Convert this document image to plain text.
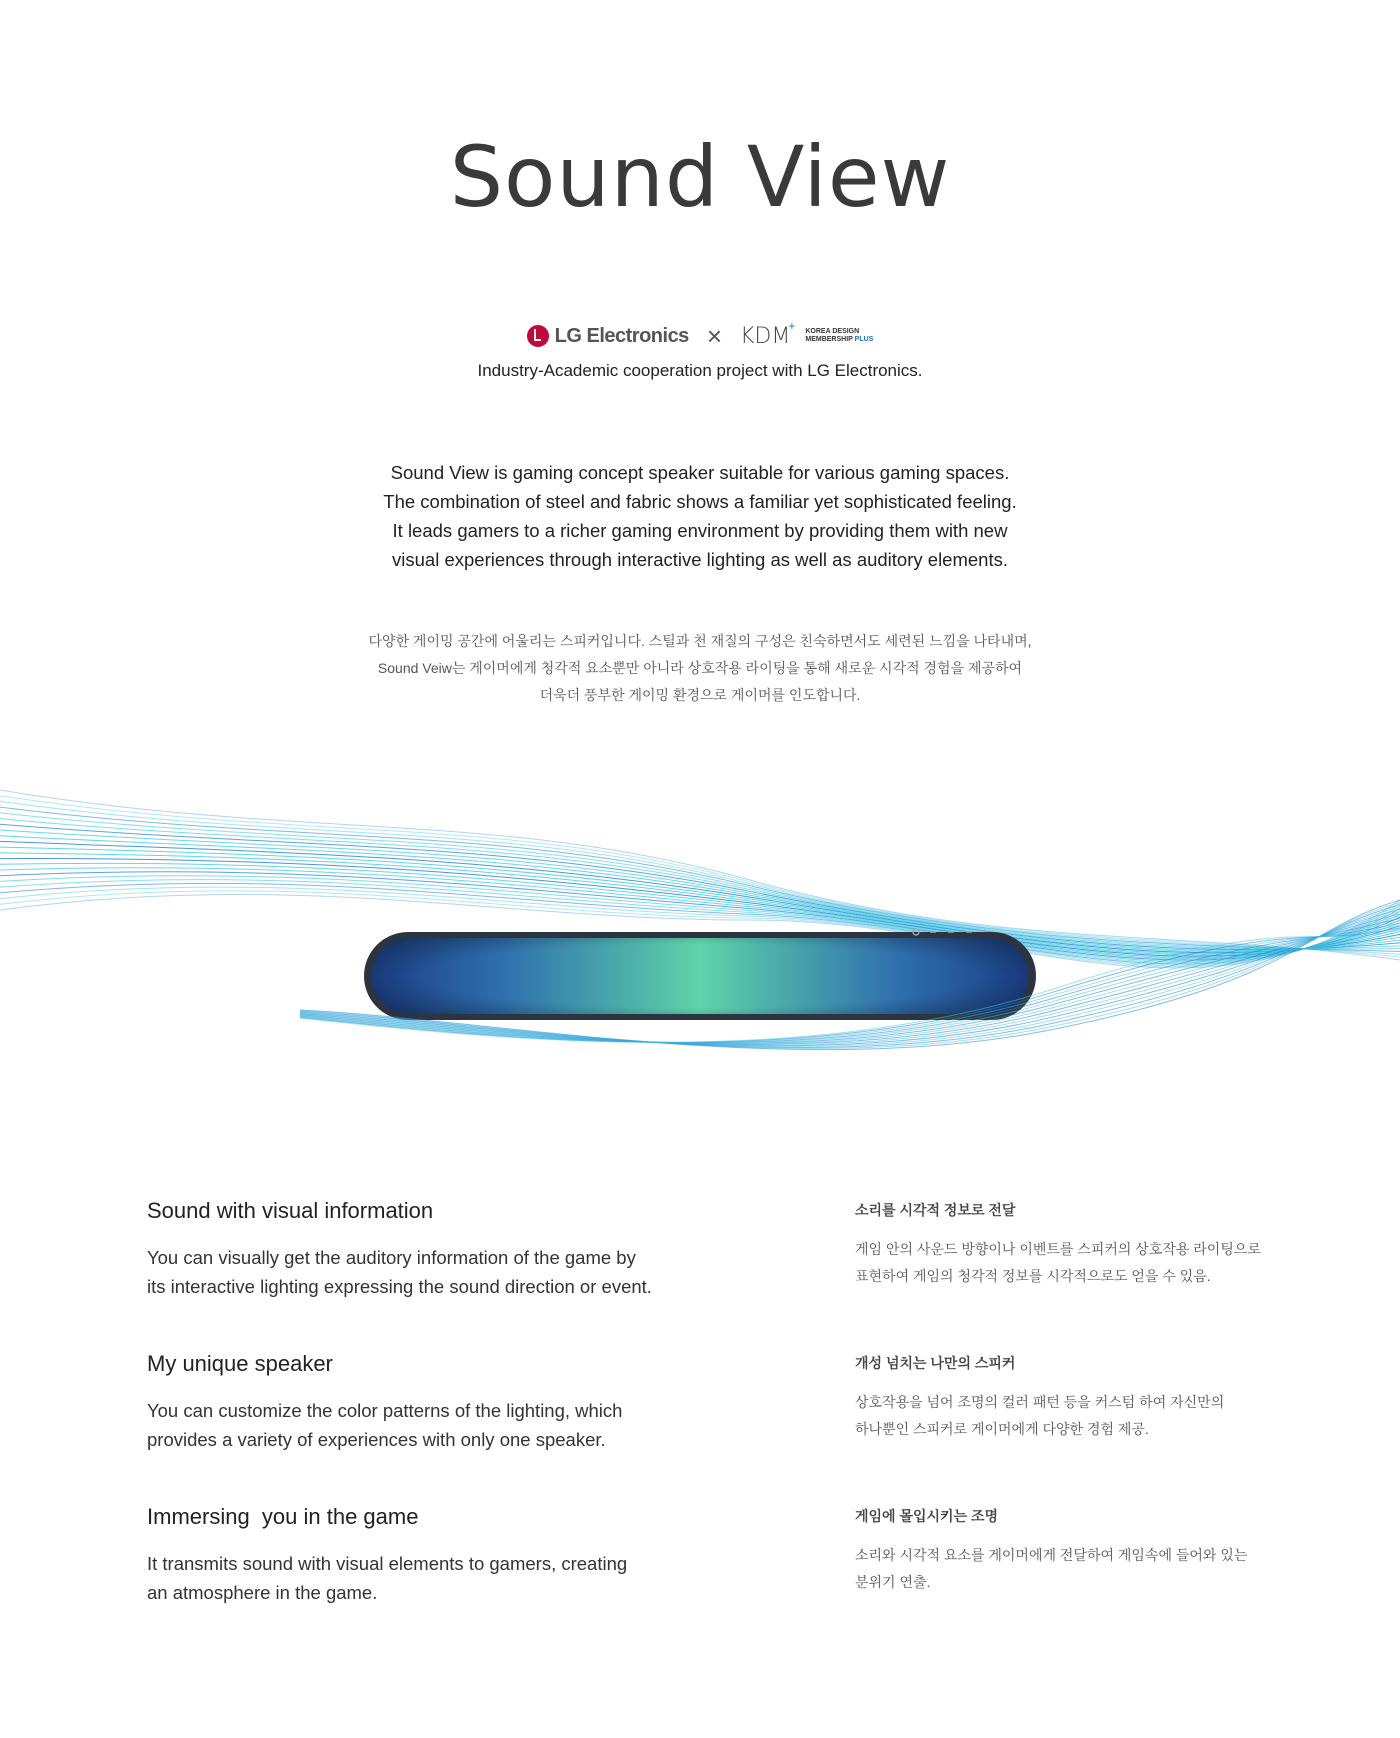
Sound View
LG Electronics × KDM
+ KOREA DESIGN
MEMBERSHIP PLUS
Industry-Academic cooperation project with LG Electronics.
Sound View is gaming concept speaker suitable for various gaming spaces.
The combination of steel and fabric shows a familiar yet sophisticated feeling.
It leads gamers to a richer gaming environment by providing them with new
visual experiences through interactive lighting as well as auditory elements.
다양한 게이밍 공간에 어울리는 스피커입니다. 스틸과 천 재질의 구성은 친숙하면서도 세련된 느낌을 나타내며,
Sound Veiw는 게이머에게 청각적 요소뿐만 아니라 상호작용 라이팅을 통해 새로운 시각적 경험을 제공하여
더욱더 풍부한 게이밍 환경으로 게이머를 인도합니다.
Sound with visual information
You can visually get the auditory information of the game by
its interactive lighting expressing the sound direction or event.
소리를 시각적 정보로 전달
게임 안의 사운드 방향이나 이벤트를 스피커의 상호작용 라이팅으로
표현하여 게임의 청각적 정보를 시각적으로도 얻을 수 있음.
My unique speaker
You can customize the color patterns of the lighting, which
provides a variety of experiences with only one speaker.
개성 넘치는 나만의 스피커
상호작용을 넘어 조명의 컬러 패턴 등을 커스텀 하여 자신만의
하나뿐인 스피커로 게이머에게 다양한 경험 제공.
Immersing  you in the game
It transmits sound with visual elements to gamers, creating
an atmosphere in the game.
게임에 몰입시키는 조명
소리와 시각적 요소를 게이머에게 전달하여 게임속에 들어와 있는
분위기 연출.
